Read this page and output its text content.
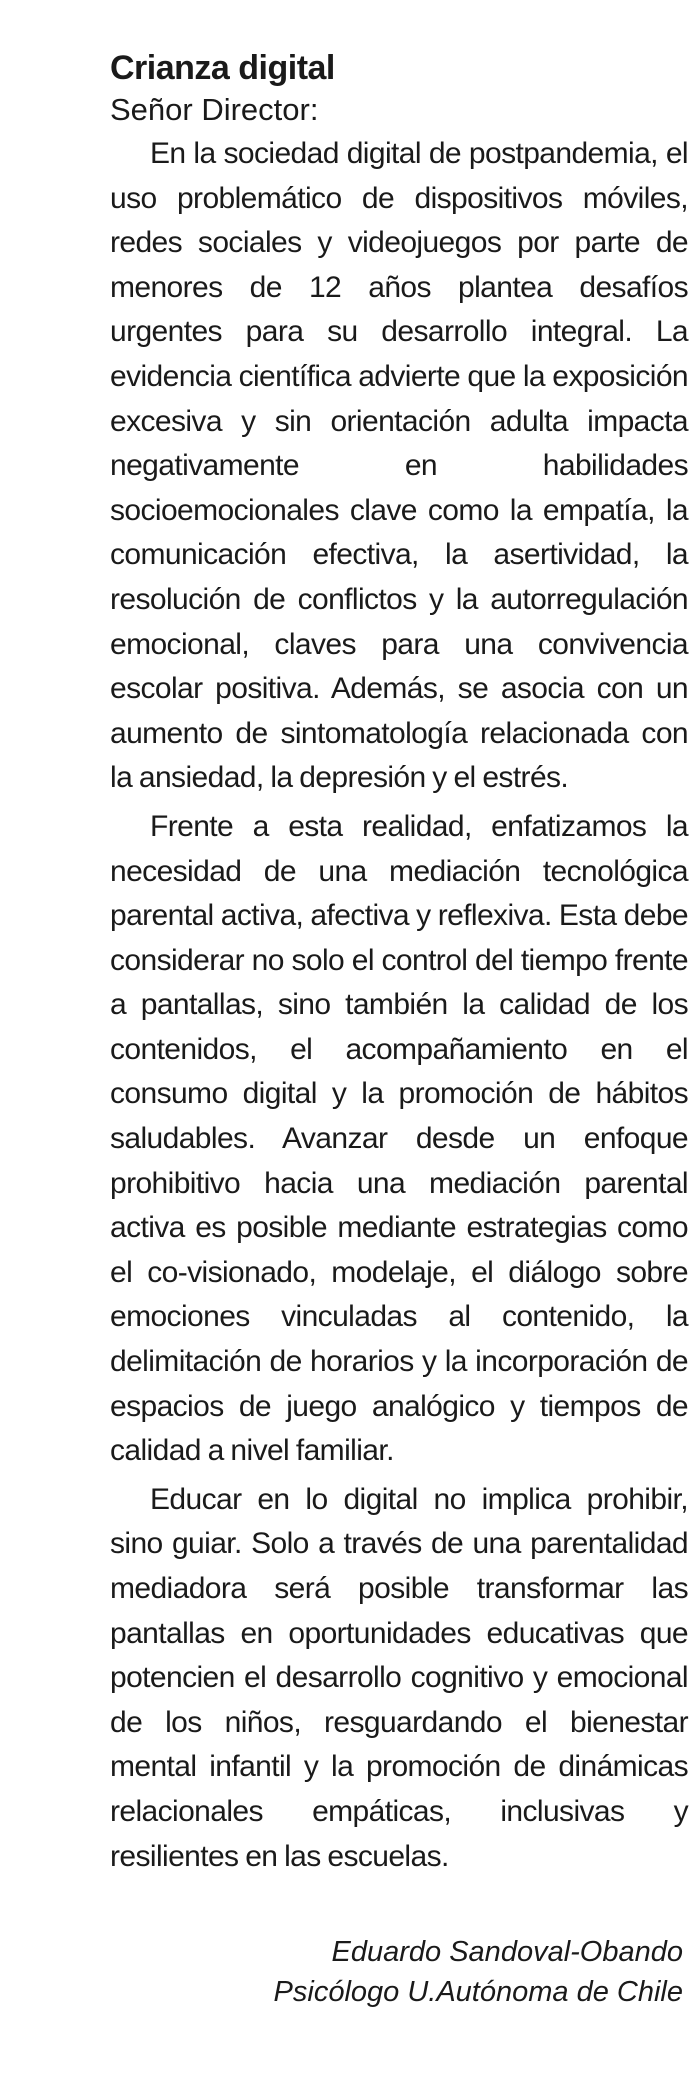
Crianza digital

Señor Director:

En la sociedad digital de postpandemia, el uso problemático de dispositivos móviles, redes sociales y videojuegos por parte de menores de 12 años plantea desafíos urgentes para su desarrollo integral. La evidencia científica advierte que la exposición excesiva y sin orientación adulta impacta negativamente en habilidades socioemocionales clave como la empatía, la comunicación efectiva, la asertividad, la resolución de conflictos y la autorregulación emocional, claves para una convivencia escolar positiva. Además, se asocia con un aumento de sintomatología relacionada con la ansiedad, la depresión y el estrés.

Frente a esta realidad, enfatizamos la necesidad de una mediación tecnológica parental activa, afectiva y reflexiva. Esta debe considerar no solo el control del tiempo frente a pantallas, sino también la calidad de los contenidos, el acompañamiento en el consumo digital y la promoción de hábitos saludables. Avanzar desde un enfoque prohibitivo hacia una mediación parental activa es posible mediante estrategias como el co-visionado, modelaje, el diálogo sobre emociones vinculadas al contenido, la delimitación de horarios y la incorporación de espacios de juego analógico y tiempos de calidad a nivel familiar.

Educar en lo digital no implica prohibir, sino guiar. Solo a través de una parentalidad mediadora será posible transformar las pantallas en oportunidades educativas que potencien el desarrollo cognitivo y emocional de los niños, resguardando el bienestar mental infantil y la promoción de dinámicas relacionales empáticas, inclusivas y resilientes en las escuelas.

Eduardo Sandoval-Obando
Psicólogo U.Autónoma de Chile
